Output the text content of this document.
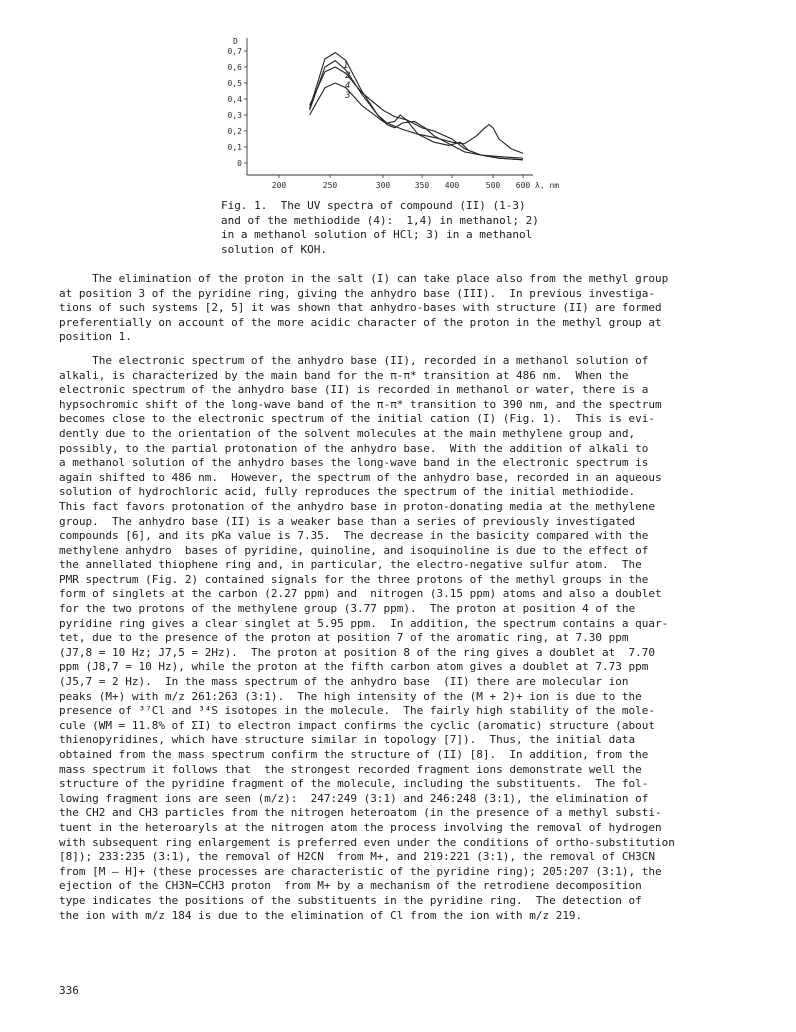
0
0,1
0,2
0,3
0,4
0,5
0,6
0,7
D
200	250	300	350 400	500 600 λ, nm
1
2
4
3
Fig. 1.  The UV spectra of compound (II) (1-3)
and of the methiodide (4):  1,4) in methanol; 2)
in a methanol solution of HCl; 3) in a methanol
solution of KOH.

The elimination of the proton in the salt (I) can take place also from the methyl group
at position 3 of the pyridine ring, giving the anhydro base (III).  In previous investiga-
tions of such systems [2, 5] it was shown that anhydro-bases with structure (II) are formed
preferentially on account of the more acidic character of the proton in the methyl group at
position 1.

The electronic spectrum of the anhydro base (II), recorded in a methanol solution of
alkali, is characterized by the main band for the π-π* transition at 486 nm.  When the
electronic spectrum of the anhydro base (II) is recorded in methanol or water, there is a
hypsochromic shift of the long-wave band of the π-π* transition to 390 nm, and the spectrum
becomes close to the electronic spectrum of the initial cation (I) (Fig. 1).  This is evi-
dently due to the orientation of the solvent molecules at the main methylene group and,
possibly, to the partial protonation of the anhydro base.  With the addition of alkali to
a methanol solution of the anhydro bases the long-wave band in the electronic spectrum is
again shifted to 486 nm.  However, the spectrum of the anhydro base, recorded in an aqueous
solution of hydrochloric acid, fully reproduces the spectrum of the initial methiodide.
This fact favors protonation of the anhydro base in proton-donating media at the methylene
group.  The anhydro base (II) is a weaker base than a series of previously investigated
compounds [6], and its pKa value is 7.35.  The decrease in the basicity compared with the
methylene anhydro  bases of pyridine, quinoline, and isoquinoline is due to the effect of
the annellated thiophene ring and, in particular, the electro-negative sulfur atom.  The
PMR spectrum (Fig. 2) contained signals for the three protons of the methyl groups in the
form of singlets at the carbon (2.27 ppm) and  nitrogen (3.15 ppm) atoms and also a doublet
for the two protons of the methylene group (3.77 ppm).  The proton at position 4 of the
pyridine ring gives a clear singlet at 5.95 ppm.  In addition, the spectrum contains a quar-
tet, due to the presence of the proton at position 7 of the aromatic ring, at 7.30 ppm
(J7,8 = 10 Hz; J7,5 = 2Hz).  The proton at position 8 of the ring gives a doublet at  7.70
ppm (J8,7 = 10 Hz), while the proton at the fifth carbon atom gives a doublet at 7.73 ppm
(J5,7 = 2 Hz).  In the mass spectrum of the anhydro base  (II) there are molecular ion
peaks (M+) with m/z 261:263 (3:1).  The high intensity of the (M + 2)+ ion is due to the
presence of ³⁷Cl and ³⁴S isotopes in the molecule.  The fairly high stability of the mole-
cule (WM = 11.8% of ΣI) to electron impact confirms the cyclic (aromatic) structure (about
thienopyridines, which have structure similar in topology [7]).  Thus, the initial data
obtained from the mass spectrum confirm the structure of (II) [8].  In addition, from the
mass spectrum it follows that  the strongest recorded fragment ions demonstrate well the
structure of the pyridine fragment of the molecule, including the substituents.  The fol-
lowing fragment ions are seen (m/z):  247:249 (3:1) and 246:248 (3:1), the elimination of
the CH2 and CH3 particles from the nitrogen heteroatom (in the presence of a methyl substi-
tuent in the heteroaryls at the nitrogen atom the process involving the removal of hydrogen
with subsequent ring enlargement is preferred even under the conditions of ortho-substitution
[8]); 233:235 (3:1), the removal of H2CN  from M+, and 219:221 (3:1), the removal of CH3CN
from [M — H]+ (these processes are characteristic of the pyridine ring); 205:207 (3:1), the
ejection of the CH3N=CCH3 proton  from M+ by a mechanism of the retrodiene decomposition
type indicates the positions of the substituents in the pyridine ring.  The detection of
the ion with m/z 184 is due to the elimination of Cl from the ion with m/z 219.

336
